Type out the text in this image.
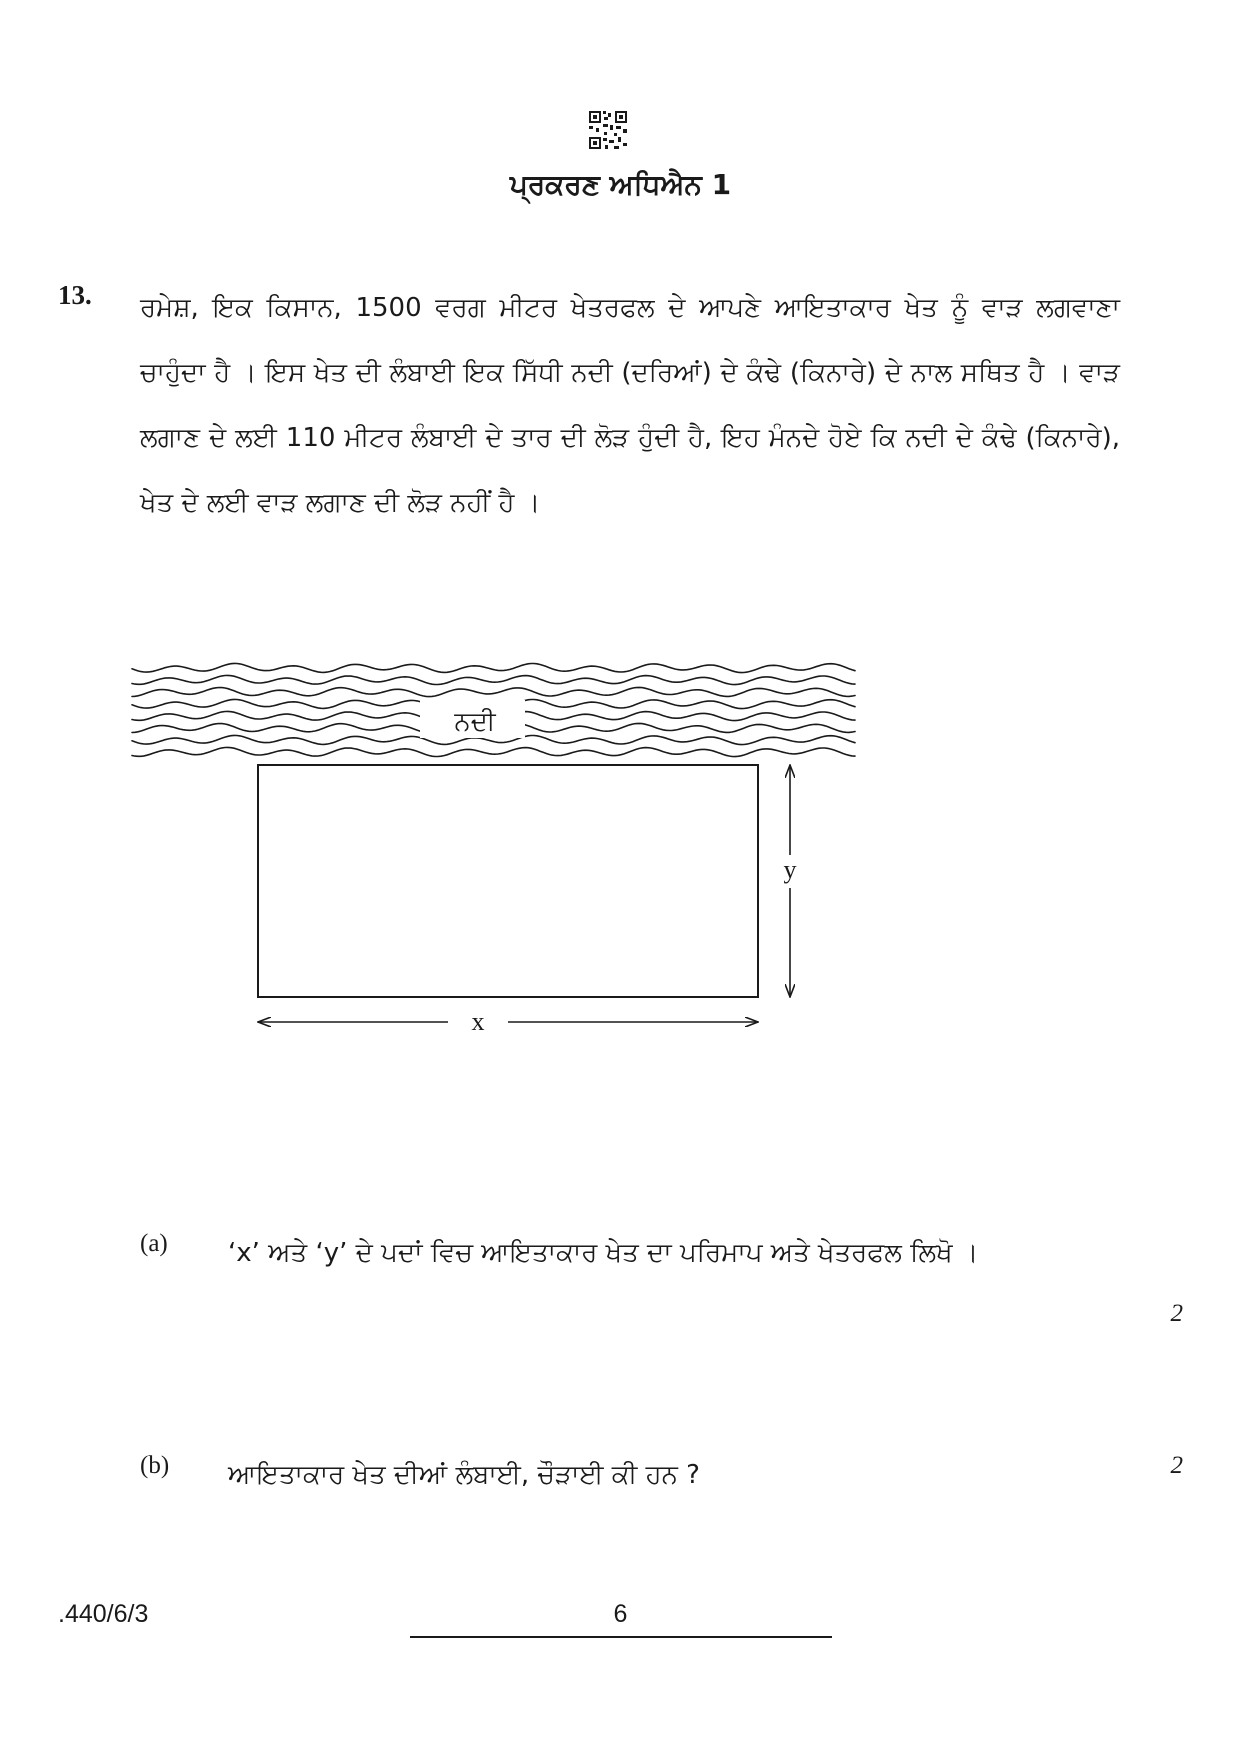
ਪ੍ਰਕਰਣ ਅਧਿਐਨ 1
13. ਰਮੇਸ਼, ਇਕ ਕਿਸਾਨ, 1500 ਵਰਗ ਮੀਟਰ ਖੇਤਰਫਲ ਦੇ ਆਪਣੇ ਆਇਤਾਕਾਰ ਖੇਤ ਨੂੰ ਵਾੜ ਲਗਵਾਣਾ ਚਾਹੁੰਦਾ ਹੈ । ਇਸ ਖੇਤ ਦੀ ਲੰਬਾਈ ਇਕ ਸਿੱਧੀ ਨਦੀ (ਦਰਿਆਂ) ਦੇ ਕੰਢੇ (ਕਿਨਾਰੇ) ਦੇ ਨਾਲ ਸਥਿਤ ਹੈ । ਵਾੜ ਲਗਾਣ ਦੇ ਲਈ 110 ਮੀਟਰ ਲੰਬਾਈ ਦੇ ਤਾਰ ਦੀ ਲੋੜ ਹੁੰਦੀ ਹੈ, ਇਹ ਮੰਨਦੇ ਹੋਏ ਕਿ ਨਦੀ ਦੇ ਕੰਢੇ (ਕਿਨਾਰੇ), ਖੇਤ ਦੇ ਲਈ ਵਾੜ ਲਗਾਣ ਦੀ ਲੋੜ ਨਹੀਂ ਹੈ ।
ਨਦੀ
y
x
(a) ‘x’ ਅਤੇ ‘y’ ਦੇ ਪਦਾਂ ਵਿਚ ਆਇਤਾਕਾਰ ਖੇਤ ਦਾ ਪਰਿਮਾਪ ਅਤੇ ਖੇਤਰਫਲ ਲਿਖੋ ।
2
(b) ਆਇਤਾਕਾਰ ਖੇਤ ਦੀਆਂ ਲੰਬਾਈ, ਚੌੜਾਈ ਕੀ ਹਨ ?	2
.440/6/3	6
